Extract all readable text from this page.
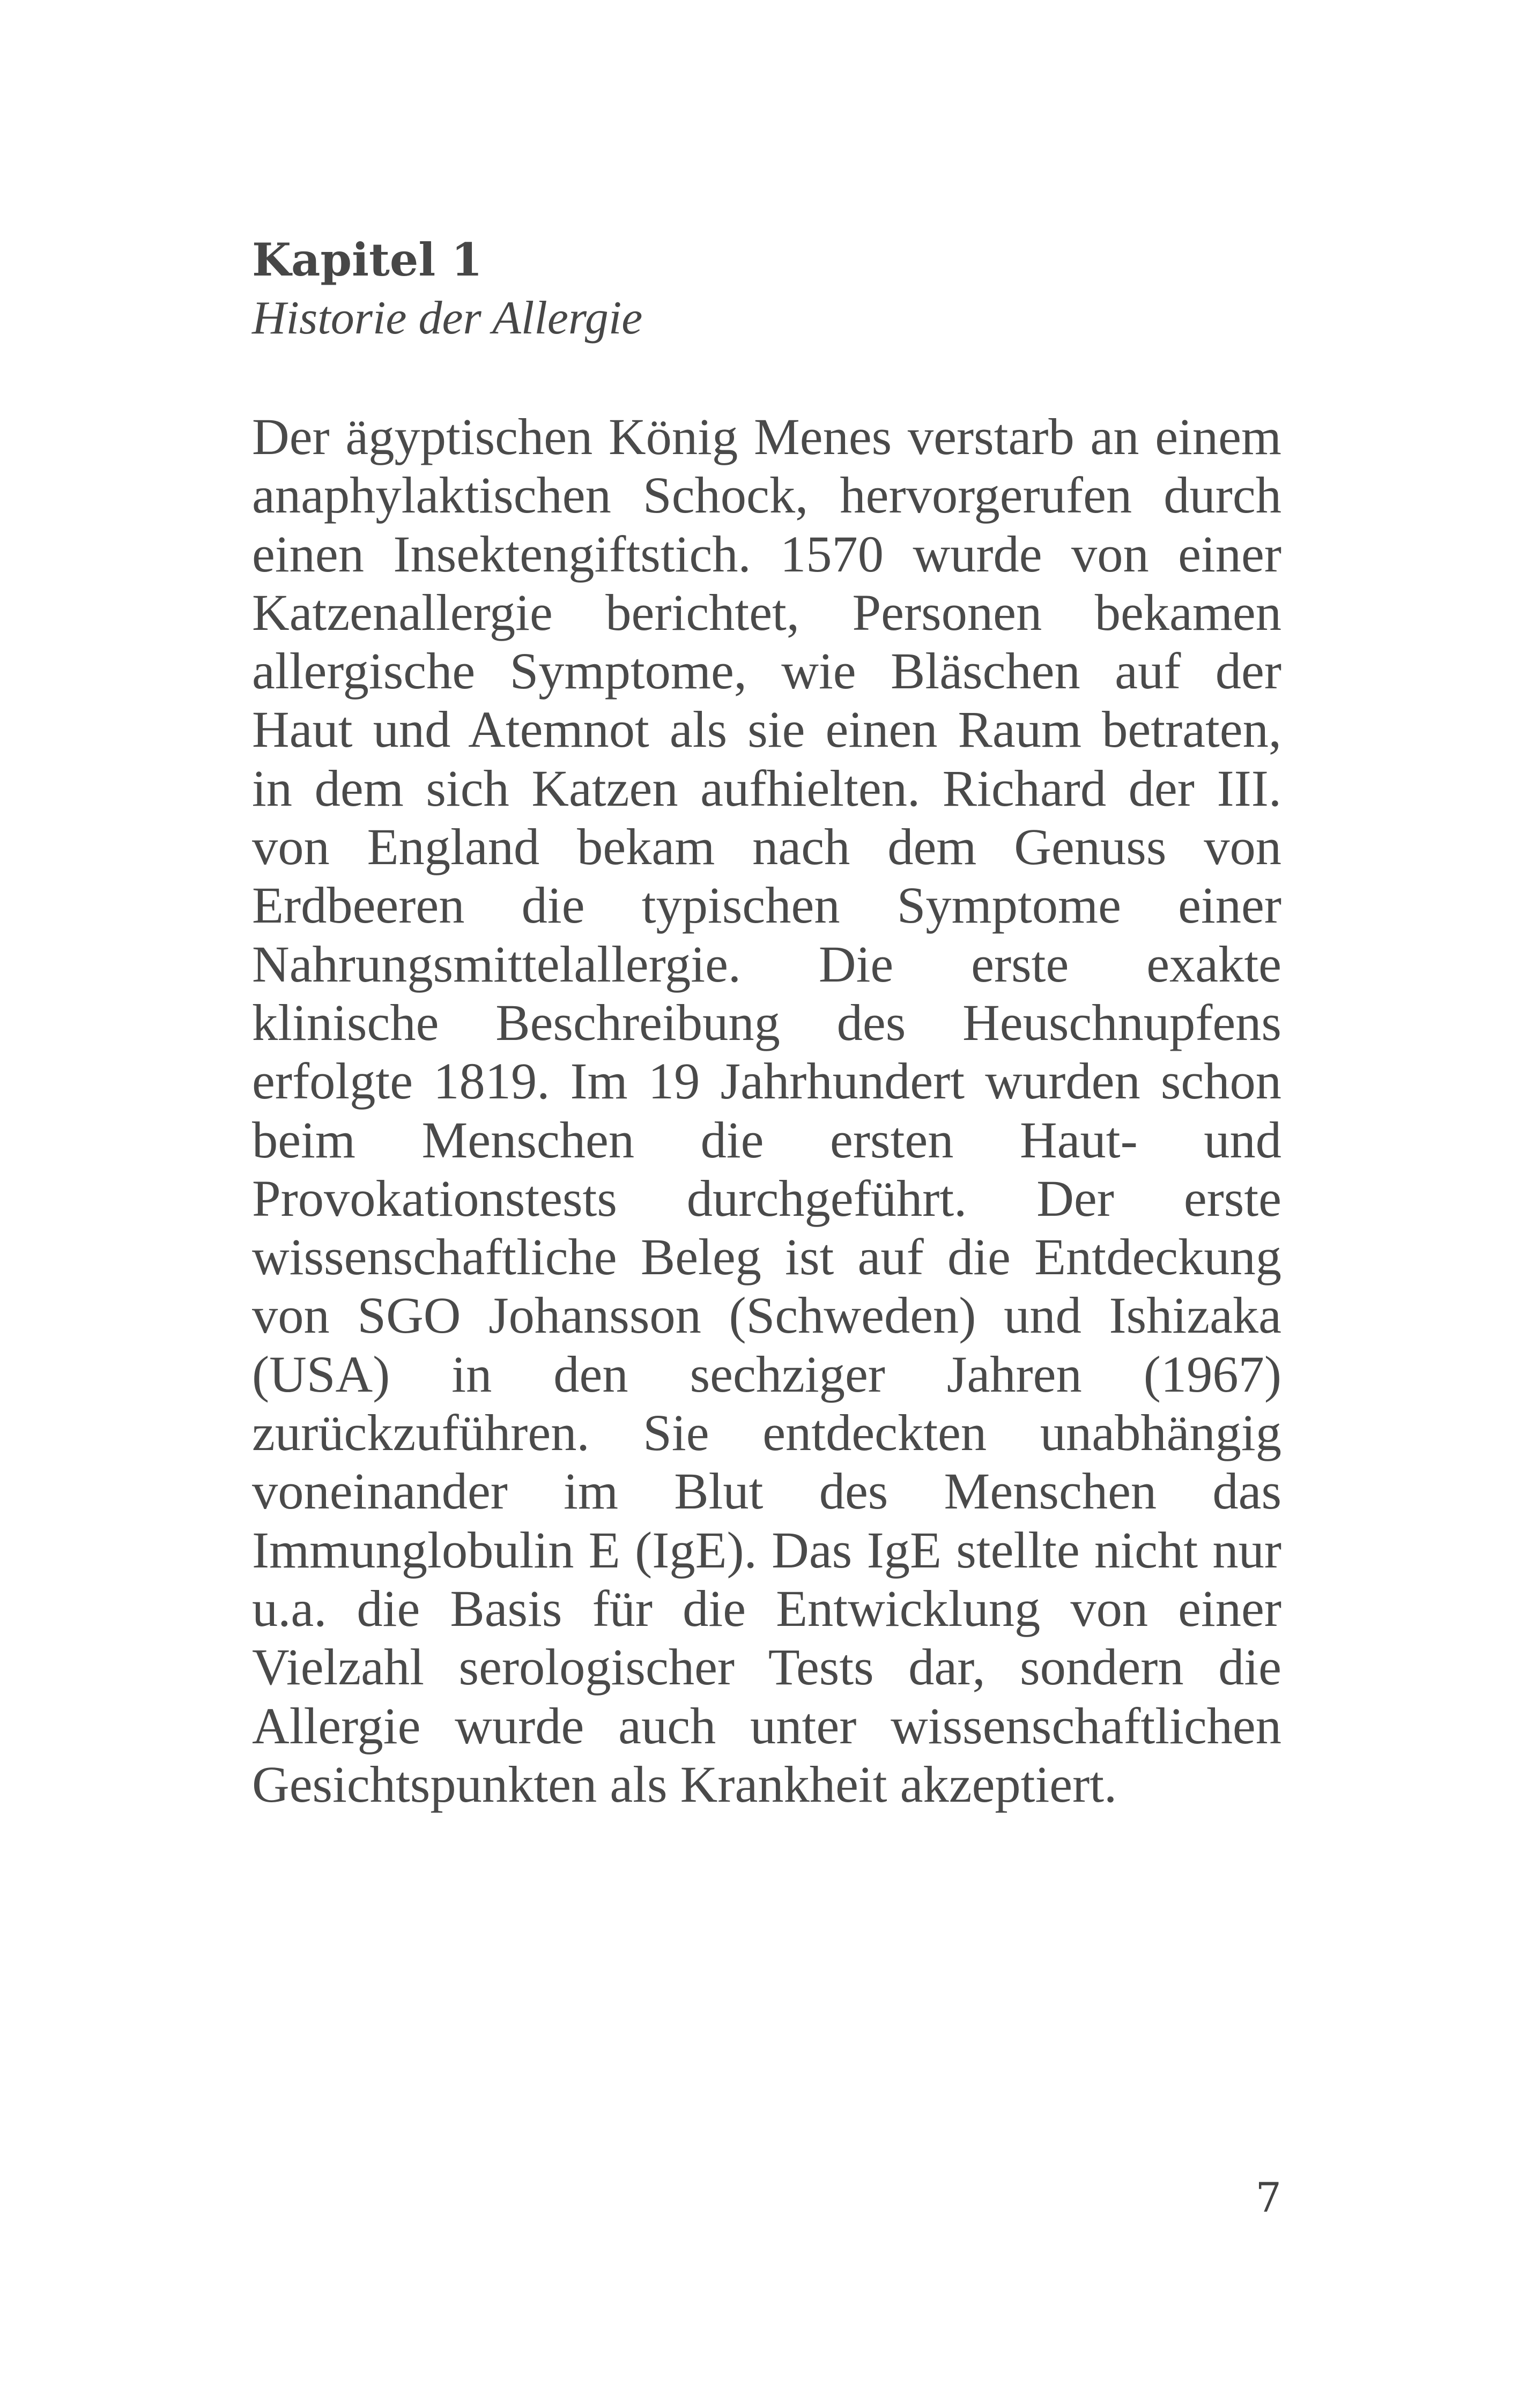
Kapitel 1

Historie der Allergie

Der ägyptischen König Menes verstarb an einem anaphylaktischen Schock, hervorgerufen durch einen Insektengiftstich. 1570 wurde von einer Katzenallergie berichtet, Personen bekamen allergische Symptome, wie Bläschen auf der Haut und Atemnot als sie einen Raum betraten, in dem sich Katzen aufhielten. Richard der III. von England bekam nach dem Genuss von Erdbeeren die typischen Symptome einer Nahrungsmittelallergie. Die erste exakte klinische Beschreibung des Heuschnupfens erfolgte 1819. Im 19 Jahrhundert wurden schon beim Menschen die ersten Haut- und Provokationstests durchgeführt. Der erste wissenschaftliche Beleg ist auf die Entdeckung von SGO Johansson (Schweden) und Ishizaka (USA) in den sechziger Jahren (1967) zurückzuführen. Sie entdeckten unabhängig voneinander im Blut des Menschen das Immunglobulin E (IgE). Das IgE stellte nicht nur u.a. die Basis für die Entwicklung von einer Vielzahl serologischer Tests dar, sondern die Allergie wurde auch unter wissenschaftlichen Gesichtspunkten als Krankheit akzeptiert.

7
